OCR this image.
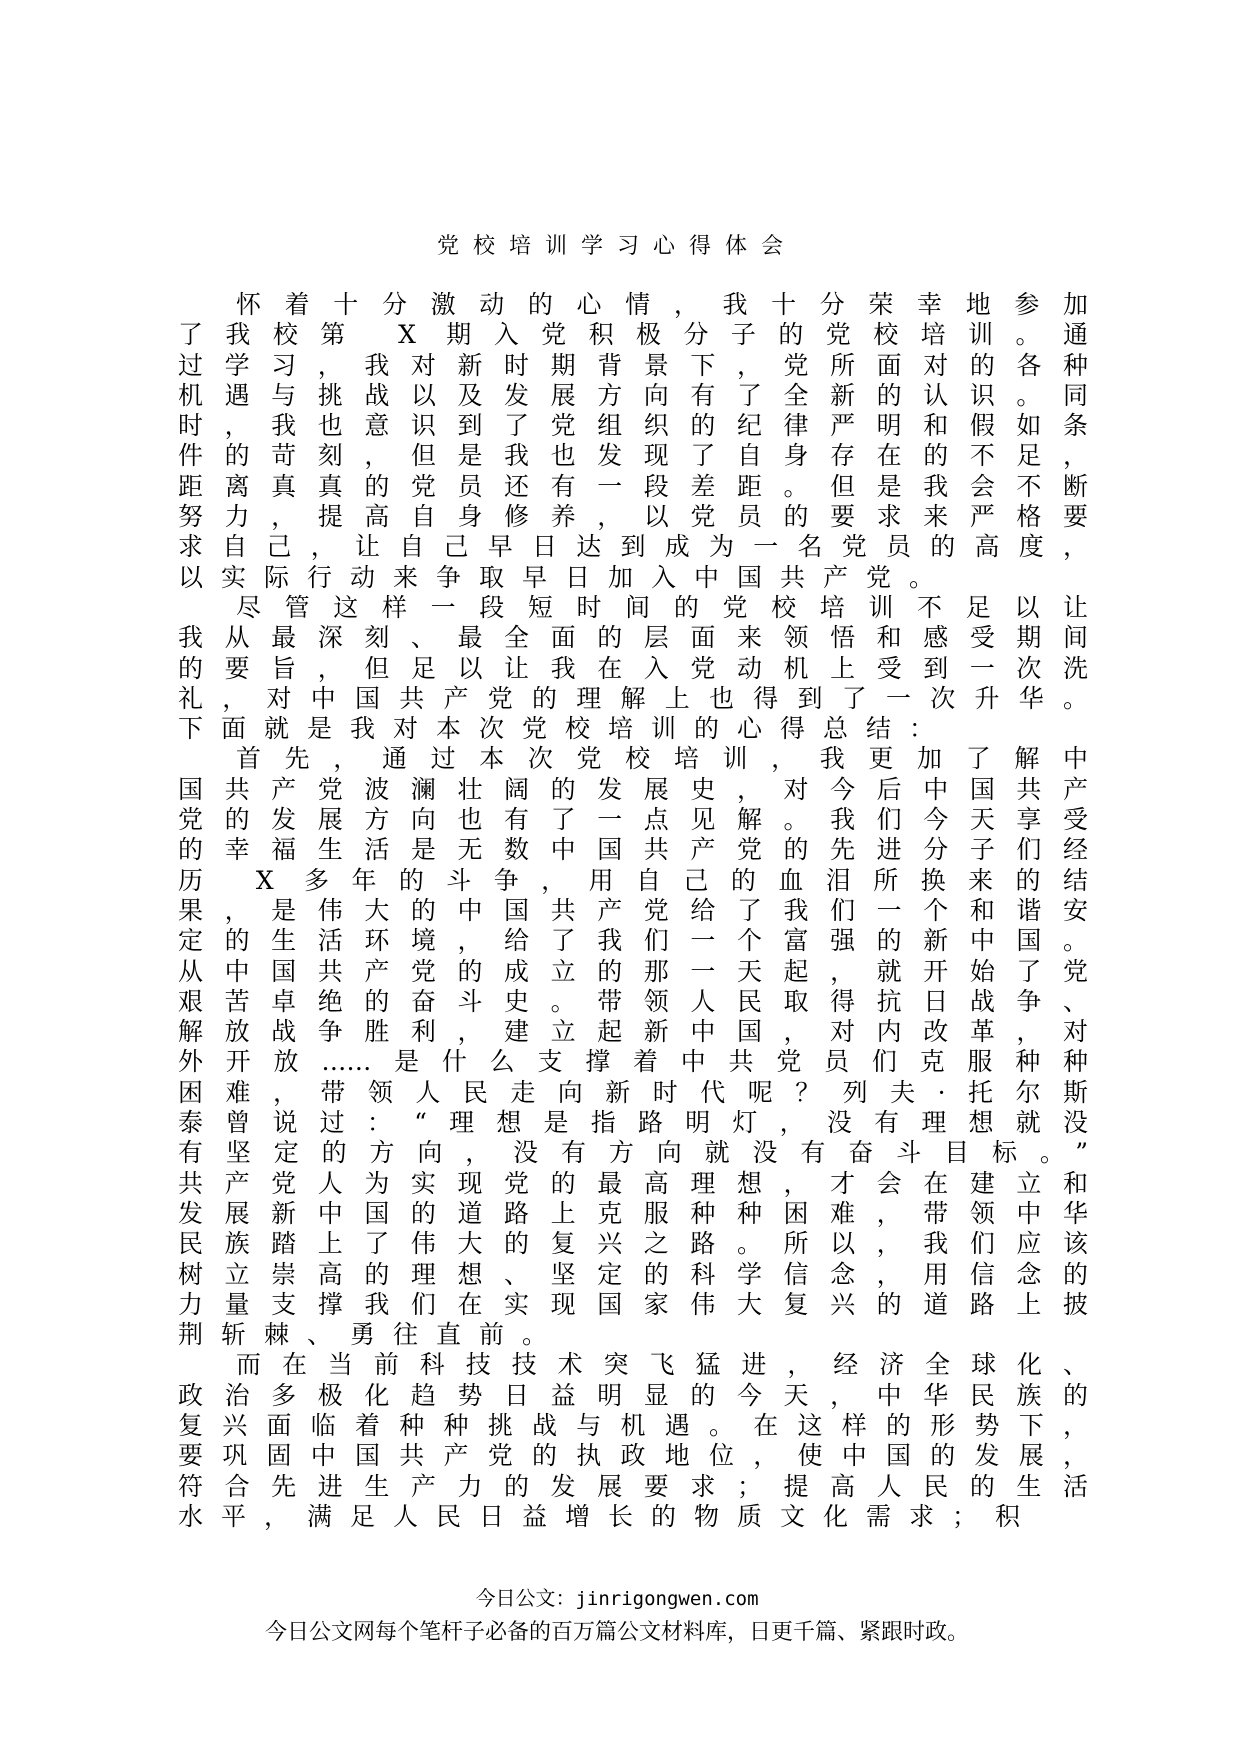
党校培训学习心得体会
怀着十分激动的心情，我十分荣幸地参加
了我校第 X 期入党积极分子的党校培训。通
过学习，我对新时期背景下，党所面对的各种
机遇与挑战以及发展方向有了全新的认识。同
时，我也意识到了党组织的纪律严明和假如条
件的苛刻，但是我也发现了自身存在的不足，
距离真真的党员还有一段差距。但是我会不断
努力，提高自身修养，以党员的要求来严格要
求自己，让自己早日达到成为一名党员的高度，
以实际行动来争取早日加入中国共产党。
尽管这样一段短时间的党校培训不足以让
我从最深刻、最全面的层面来领悟和感受期间
的要旨，但足以让我在入党动机上受到一次洗
礼，对中国共产党的理解上也得到了一次升华。
下面就是我对本次党校培训的心得总结：
首先，通过本次党校培训，我更加了解中
国共产党波澜壮阔的发展史，对今后中国共产
党的发展方向也有了一点见解。我们今天享受
的幸福生活是无数中国共产党的先进分子们经
历 X 多年的斗争，用自己的血泪所换来的结
果，是伟大的中国共产党给了我们一个和谐安
定的生活环境，给了我们一个富强的新中国。
从中国共产党的成立的那一天起，就开始了党
艰苦卓绝的奋斗史。带领人民取得抗日战争、
解放战争胜利，建立起新中国，对内改革，对
外开放……是什么支撑着中共党员们克服种种
困难，带领人民走向新时代呢？列夫·托尔斯
泰曾说过：“理想是指路明灯，没有理想就没
有坚定的方向，没有方向就没有奋斗目标。”
共产党人为实现党的最高理想，才会在建立和
发展新中国的道路上克服种种困难，带领中华
民族踏上了伟大的复兴之路。所以，我们应该
树立崇高的理想、坚定的科学信念，用信念的
力量支撑我们在实现国家伟大复兴的道路上披
荆斩棘、勇往直前。
而在当前科技技术突飞猛进，经济全球化、
政治多极化趋势日益明显的今天，中华民族的
复兴面临着种种挑战与机遇。在这样的形势下，
要巩固中国共产党的执政地位，使中国的发展，
符合先进生产力的发展要求；提高人民的生活
水平，满足人民日益增长的物质文化需求；积
今日公文：jinrigongwen.com
今日公文网每个笔杆子必备的百万篇公文材料库，日更千篇、紧跟时政。
